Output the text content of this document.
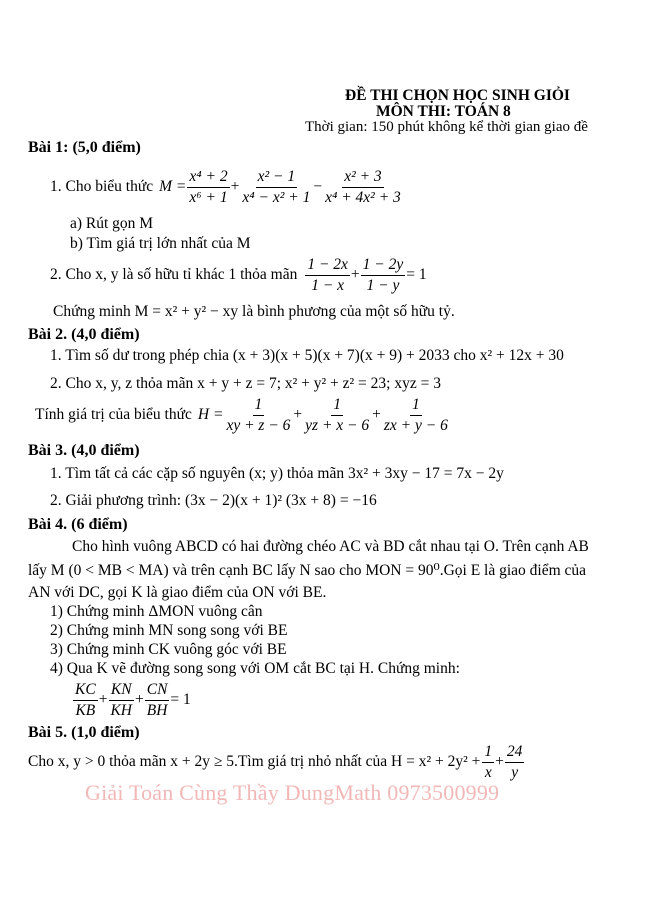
ĐỀ THI CHỌN HỌC SINH GIỎI
MÔN THI: TOÁN 8
Thời gian: 150 phút không kể thời gian giao đề
Bài 1: (5,0 điểm)
1. Cho biểu thức $M = \frac{\text{x⁴ + 2}}{\text{x⁶ + 1}} + \frac{\text{x² − 1}}{\text{x⁴ − x² + 1}} - \frac{\text{x² + 3}}{\text{x⁴ + 4x² + 3}}$
a) Rút gọn M
b) Tìm giá trị lớn nhất của M
2. Cho x, y là số hữu tỉ khác 1 thỏa mãn $\frac{1 - 2x}{1 - x} + \frac{1 - 2y}{1 - y} = 1$
Chứng minh M = x² + y² − xy là bình phương của một số hữu tỷ.
Bài 2. (4,0 điểm)
1. Tìm số dư trong phép chia (x + 3)(x + 5)(x + 7)(x + 9) + 2033 cho x² + 12x + 30
2. Cho x, y, z thỏa mãn x + y + z = 7; x² + y² + z² = 23; xyz = 3
Tính giá trị của biểu thức $H = \frac{1}{xy + z - 6} + \frac{1}{yz + x - 6} + \frac{1}{zx + y - 6}$
Bài 3. (4,0 điểm)
1. Tìm tất cả các cặp số nguyên (x; y) thỏa mãn 3x² + 3xy − 17 = 7x − 2y
2. Giải phương trình: (3x − 2)(x + 1)² (3x + 8) = −16
Bài 4. (6 điểm)
Cho hình vuông ABCD có hai đường chéo AC và BD cắt nhau tại O. Trên cạnh AB
lấy M (0 < MB < MA) và trên cạnh BC lấy N sao cho MON = 90⁰.Gọi E là giao điểm của
AN với DC, gọi K là giao điểm của ON với BE.
1) Chứng minh ΔMON vuông cân
2) Chứng minh MN song song với BE
3) Chứng minh CK vuông góc với BE
4) Qua K vẽ đường song song với OM cắt BC tại H. Chứng minh:
$\frac{KC}{KB} + \frac{KN}{KH} + \frac{CN}{BH} = 1$
Bài 5. (1,0 điểm)
Cho x, y > 0 thỏa mãn x + 2y ≥ 5.Tìm giá trị nhỏ nhất của $H = x^2 + 2y^2 + \frac{1}{x} + \frac{24}{y}$
Giải Toán Cùng Thầy DungMath 0973500999
